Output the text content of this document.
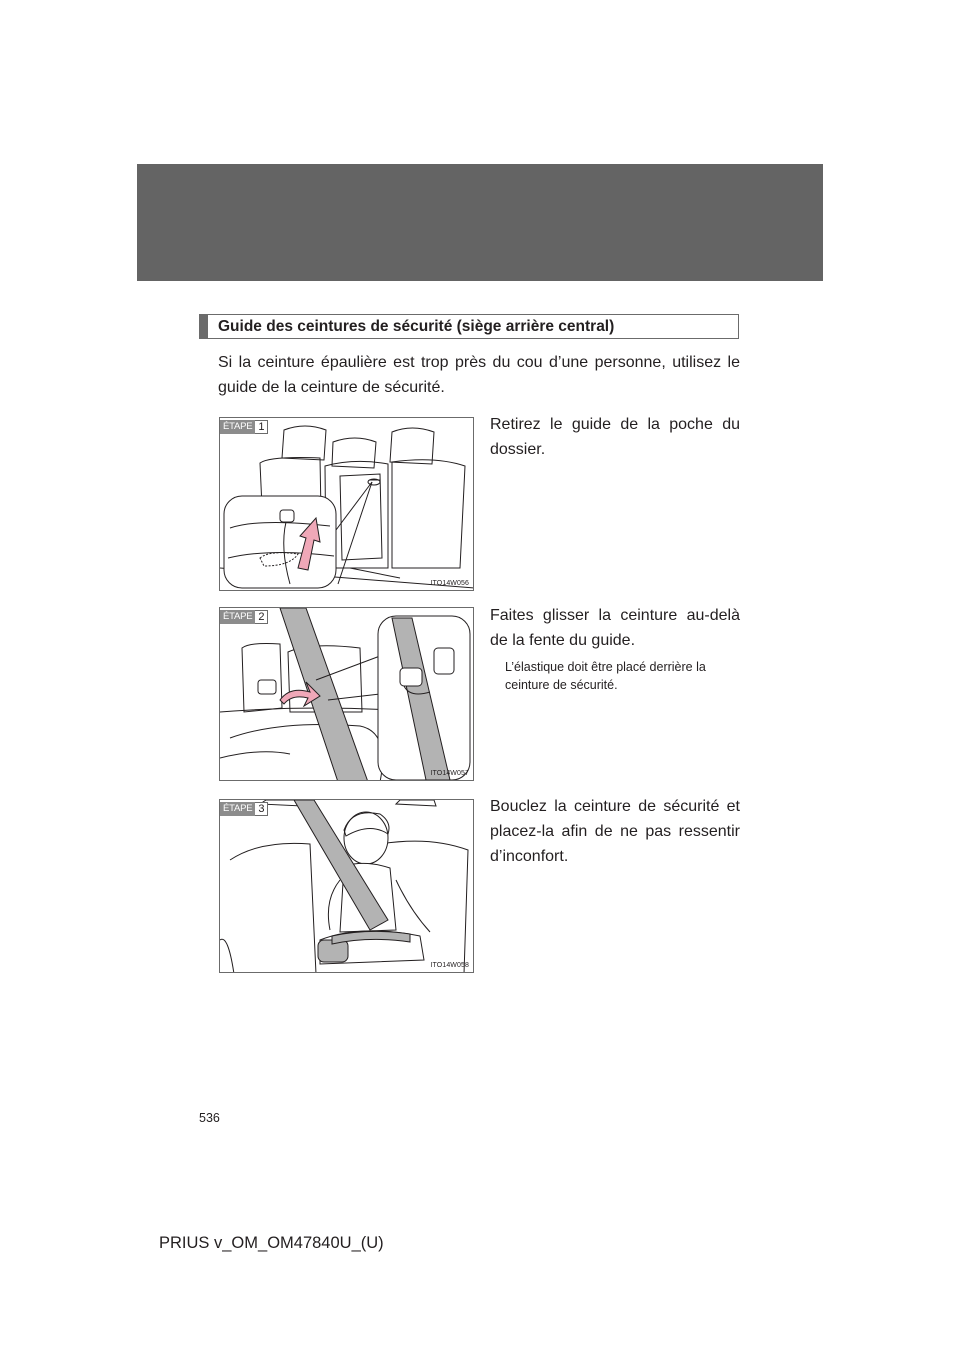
Guide des ceintures de sécurité (siège arrière central)
Si la ceinture épaulière est trop près du cou d’une personne, utilisez le guide de la ceinture de sécurité.
ÉTAPE 1
ITO14W056
Retirez le guide de la poche du dossier.
ÉTAPE 2
ITO14W057
Faites glisser la ceinture au-delà de la fente du guide.
L’élastique doit être placé derrière la ceinture de sécurité.
ÉTAPE 3
ITO14W058
Bouclez la ceinture de sécurité et placez-la afin de ne pas ressentir d’inconfort.
536
PRIUS v_OM_OM47840U_(U)
